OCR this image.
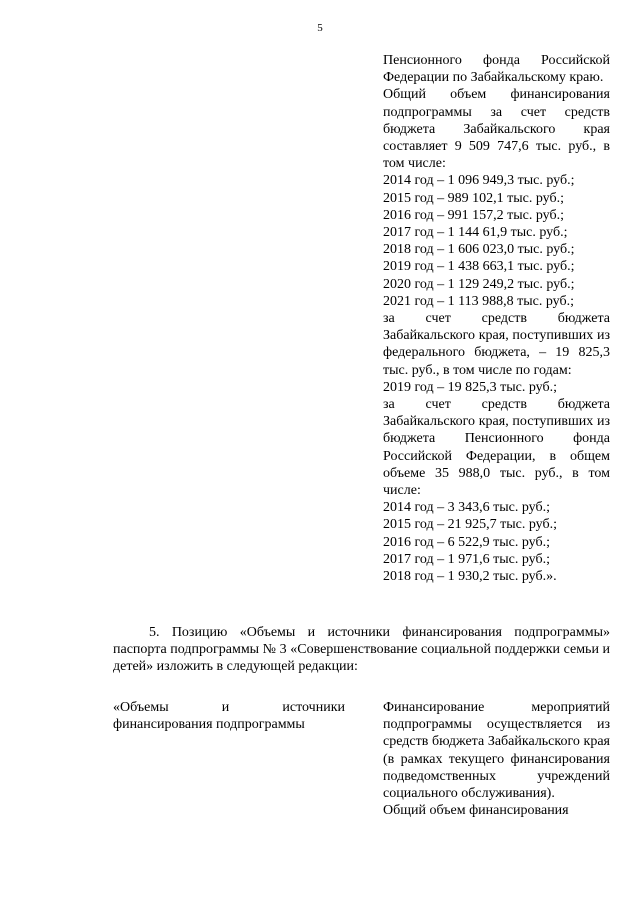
5

Пенсионного фонда Российской Федерации по Забайкальскому краю.

Общий объем финансирования подпрограммы за счет средств бюджета Забайкальского края составляет 9 509 747,6 тыс. руб., в том числе:

2014 год – 1 096 949,3 тыс. руб.;
2015 год – 989 102,1 тыс. руб.;
2016 год – 991 157,2 тыс. руб.;
2017 год – 1 144 61,9 тыс. руб.;
2018 год – 1 606 023,0 тыс. руб.;
2019 год – 1 438 663,1 тыс. руб.;
2020 год – 1 129 249,2 тыс. руб.;
2021 год – 1 113 988,8 тыс. руб.;

за счет средств бюджета Забайкальского края, поступивших из федерального бюджета, – 19 825,3 тыс. руб., в том числе по годам:

2019 год – 19 825,3 тыс. руб.;

за счет средств бюджета Забайкальского края, поступивших из бюджета Пенсионного фонда Российской Федерации, в общем объеме 35 988,0 тыс. руб., в том числе:

2014 год – 3 343,6 тыс. руб.;
2015 год – 21 925,7 тыс. руб.;
2016 год – 6 522,9 тыс. руб.;
2017 год – 1 971,6 тыс. руб.;
2018 год – 1 930,2 тыс. руб.».

5. Позицию «Объемы и источники финансирования подпрограммы» паспорта подпрограммы № 3 «Совершенствование социальной поддержки семьи и детей» изложить в следующей редакции:

«Объемы и источники финансирования подпрограммы

Финансирование мероприятий подпрограммы осуществляется из средств бюджета Забайкальского края (в рамках текущего финансирования подведомственных учреждений социального обслуживания).

Общий объем финансирования
